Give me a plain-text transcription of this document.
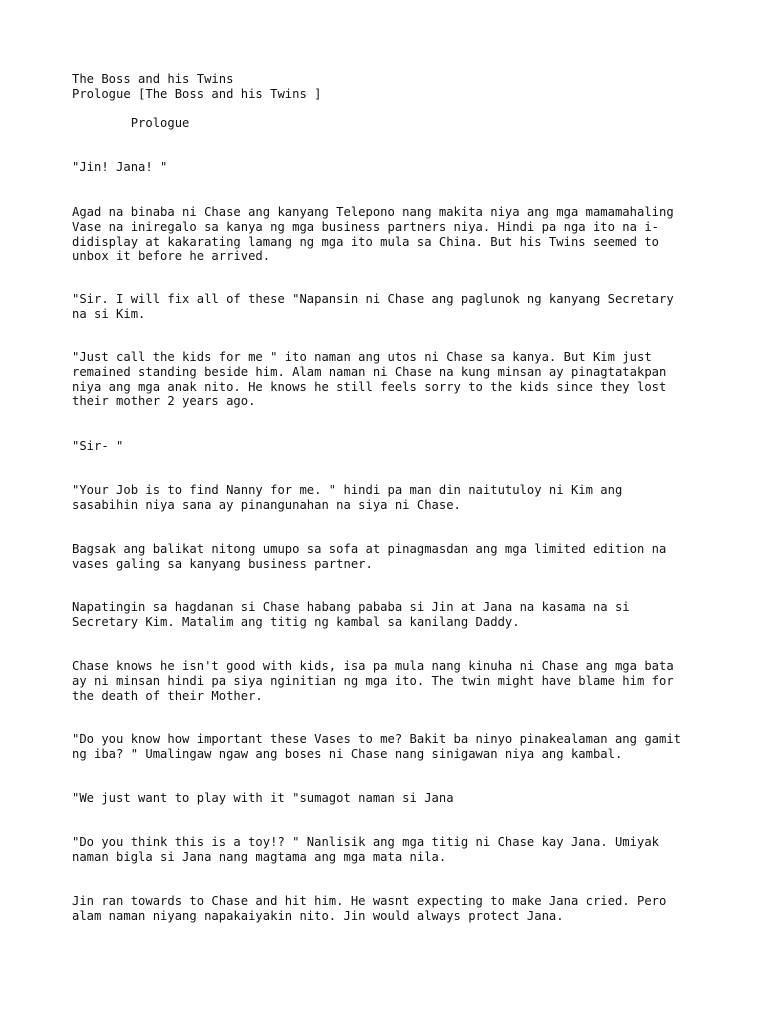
The Boss and his Twins

Prologue [The Boss and his Twins ]

Prologue

"Jin! Jana! "

Agad na binaba ni Chase ang kanyang Telepono nang makita niya ang mga mamamahaling
Vase na iniregalo sa kanya ng mga business partners niya. Hindi pa nga ito na i-
didisplay at kakarating lamang ng mga ito mula sa China. But his Twins seemed to
unbox it before he arrived.

"Sir. I will fix all of these "Napansin ni Chase ang paglunok ng kanyang Secretary
na si Kim.

"Just call the kids for me " ito naman ang utos ni Chase sa kanya. But Kim just
remained standing beside him. Alam naman ni Chase na kung minsan ay pinagtatakpan
niya ang mga anak nito. He knows he still feels sorry to the kids since they lost
their mother 2 years ago.

"Sir- "

"Your Job is to find Nanny for me. " hindi pa man din naitutuloy ni Kim ang
sasabihin niya sana ay pinangunahan na siya ni Chase.

Bagsak ang balikat nitong umupo sa sofa at pinagmasdan ang mga limited edition na
vases galing sa kanyang business partner.

Napatingin sa hagdanan si Chase habang pababa si Jin at Jana na kasama na si
Secretary Kim. Matalim ang titig ng kambal sa kanilang Daddy.

Chase knows he isn't good with kids, isa pa mula nang kinuha ni Chase ang mga bata
ay ni minsan hindi pa siya nginitian ng mga ito. The twin might have blame him for
the death of their Mother.

"Do you know how important these Vases to me? Bakit ba ninyo pinakealaman ang gamit
ng iba? " Umalingaw ngaw ang boses ni Chase nang sinigawan niya ang kambal.

"We just want to play with it "sumagot naman si Jana

"Do you think this is a toy!? " Nanlisik ang mga titig ni Chase kay Jana. Umiyak
naman bigla si Jana nang magtama ang mga mata nila.

Jin ran towards to Chase and hit him. He wasnt expecting to make Jana cried. Pero
alam naman niyang napakaiyakin nito. Jin would always protect Jana.
